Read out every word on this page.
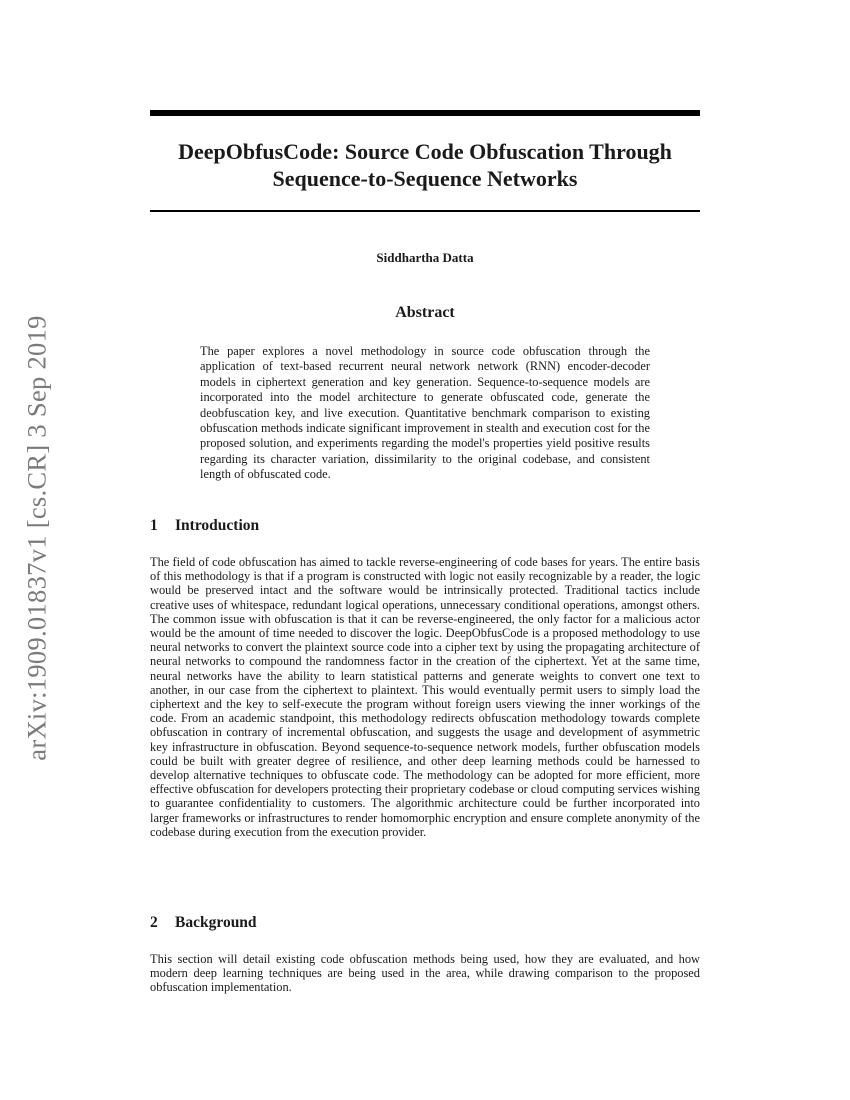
arXiv:1909.01837v1 [cs.CR] 3 Sep 2019
DeepObfusCode: Source Code Obfuscation Through
Sequence-to-Sequence Networks
Siddhartha Datta
Abstract

The paper explores a novel methodology in source code obfuscation through the application of text-based recurrent neural network network (RNN) encoder-decoder models in ciphertext generation and key generation. Sequence-to-sequence models are incorporated into the model architecture to generate obfuscated code, generate the deobfuscation key, and live execution. Quantitative benchmark comparison to existing obfuscation methods indicate significant improvement in stealth and execution cost for the proposed solution, and experiments regarding the model's properties yield positive results regarding its character variation, dissimilarity to the original codebase, and consistent length of obfuscated code.

1 Introduction

The field of code obfuscation has aimed to tackle reverse-engineering of code bases for years. The entire basis of this methodology is that if a program is constructed with logic not easily recognizable by a reader, the logic would be preserved intact and the software would be intrinsically protected. Traditional tactics include creative uses of whitespace, redundant logical operations, unnecessary conditional operations, amongst others. The common issue with obfuscation is that it can be reverse-engineered, the only factor for a malicious actor would be the amount of time needed to discover the logic. DeepObfusCode is a proposed methodology to use neural networks to convert the plaintext source code into a cipher text by using the propagating architecture of neural networks to compound the randomness factor in the creation of the ciphertext. Yet at the same time, neural networks have the ability to learn statistical patterns and generate weights to convert one text to another, in our case from the ciphertext to plaintext. This would eventually permit users to simply load the ciphertext and the key to self-execute the program without foreign users viewing the inner workings of the code. From an academic standpoint, this methodology redirects obfuscation methodology towards complete obfuscation in contrary of incremental obfuscation, and suggests the usage and development of asymmetric key infrastructure in obfuscation. Beyond sequence-to-sequence network models, further obfuscation models could be built with greater degree of resilience, and other deep learning methods could be harnessed to develop alternative techniques to obfuscate code. The methodology can be adopted for more efficient, more effective obfuscation for developers protecting their proprietary codebase or cloud computing services wishing to guarantee confidentiality to customers. The algorithmic architecture could be further incorporated into larger frameworks or infrastructures to render homomorphic encryption and ensure complete anonymity of the codebase during execution from the execution provider.

2 Background

This section will detail existing code obfuscation methods being used, how they are evaluated, and how modern deep learning techniques are being used in the area, while drawing comparison to the proposed obfuscation implementation.
